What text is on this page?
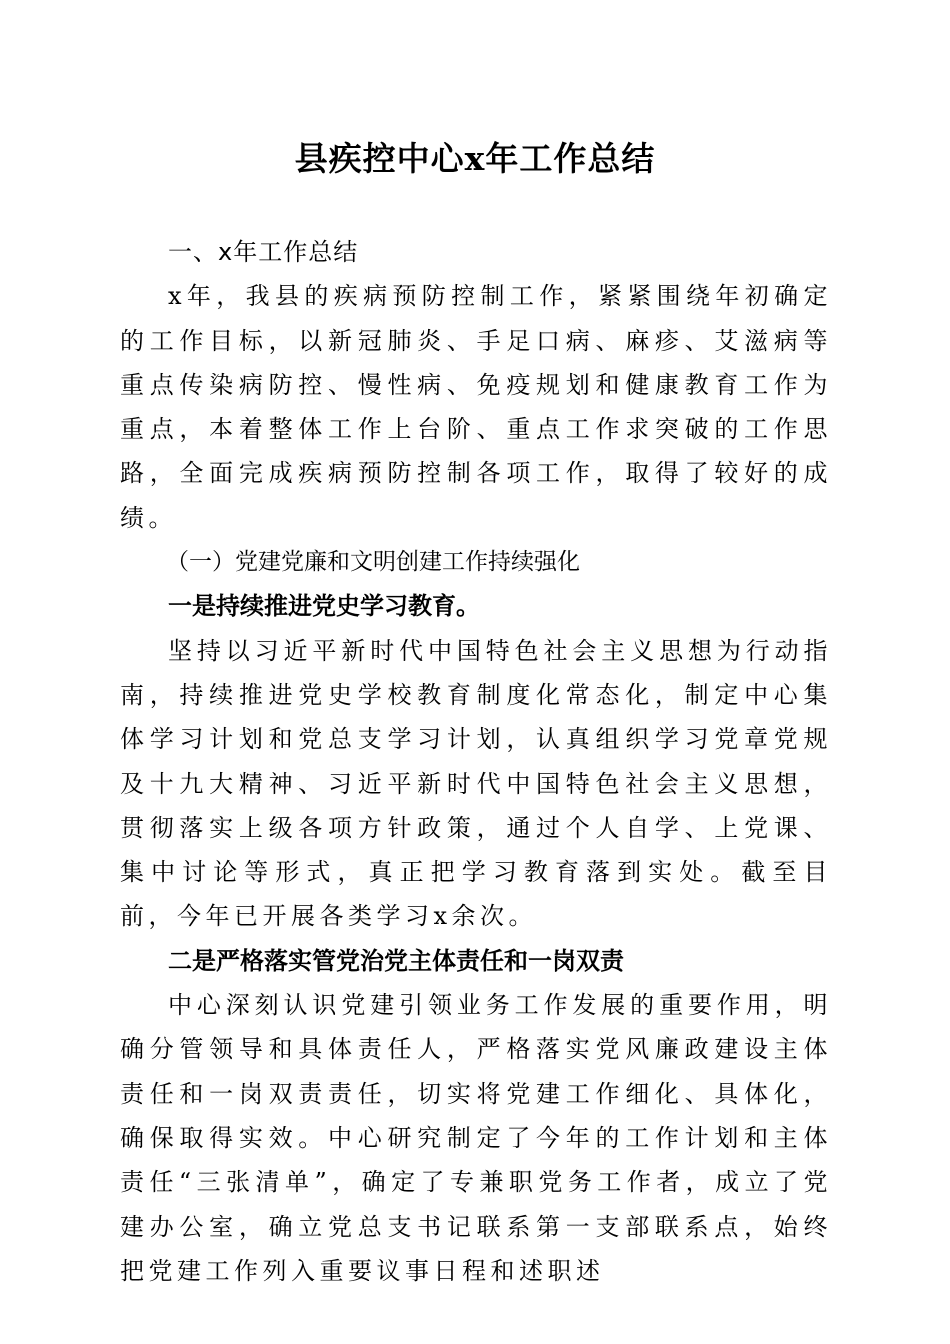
县疾控中心x年工作总结

一、x年工作总结

x年，我县的疾病预防控制工作，紧紧围绕年初确定的工作目标，以新冠肺炎、手足口病、麻疹、艾滋病等重点传染病防控、慢性病、免疫规划和健康教育工作为重点，本着整体工作上台阶、重点工作求突破的工作思路，全面完成疾病预防控制各项工作，取得了较好的成绩。

（一）党建党廉和文明创建工作持续强化

一是持续推进党史学习教育。

坚持以习近平新时代中国特色社会主义思想为行动指南，持续推进党史学校教育制度化常态化，制定中心集体学习计划和党总支学习计划，认真组织学习党章党规及十九大精神、习近平新时代中国特色社会主义思想，贯彻落实上级各项方针政策，通过个人自学、上党课、集中讨论等形式，真正把学习教育落到实处。截至目前，今年已开展各类学习x余次。

二是严格落实管党治党主体责任和一岗双责

中心深刻认识党建引领业务工作发展的重要作用，明确分管领导和具体责任人，严格落实党风廉政建设主体责任和一岗双责责任，切实将党建工作细化、具体化，确保取得实效。中心研究制定了今年的工作计划和主体责任“三张清单”，确定了专兼职党务工作者，成立了党建办公室，确立党总支书记联系第一支部联系点，始终把党建工作列入重要议事日程和述职述
